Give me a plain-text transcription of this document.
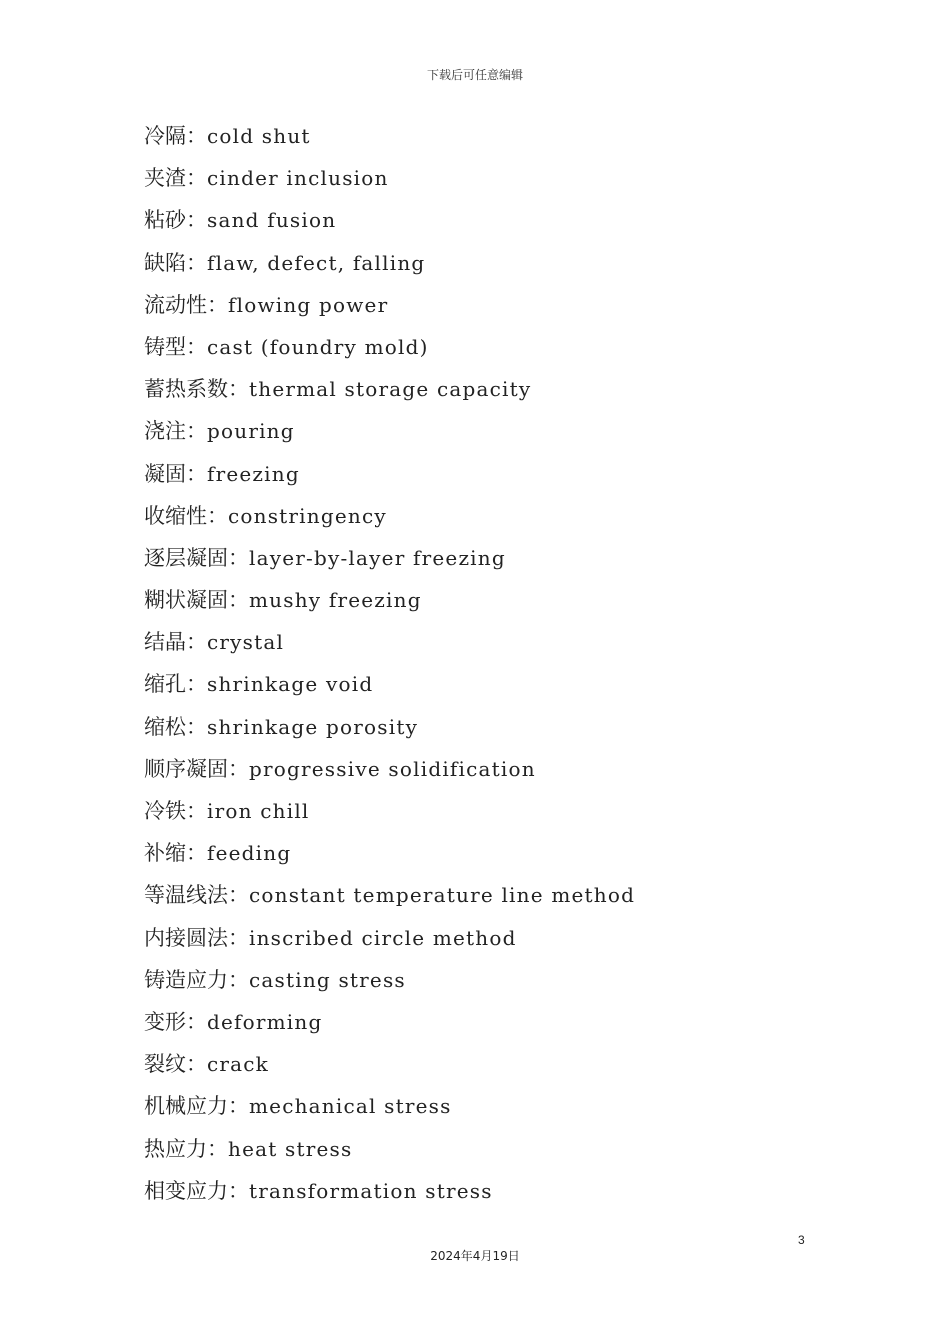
下载后可任意编辑
冷隔：cold shut
夹渣：cinder inclusion
粘砂：sand fusion
缺陷：flaw, defect, falling
流动性：flowing power
铸型：cast (foundry mold)
蓄热系数：thermal storage capacity
浇注：pouring
凝固：freezing
收缩性：constringency
逐层凝固：layer-by-layer freezing
糊状凝固：mushy freezing
结晶：crystal
缩孔：shrinkage void
缩松：shrinkage porosity
顺序凝固：progressive solidification
冷铁：iron chill
补缩：feeding
等温线法：constant temperature line method
内接圆法：inscribed circle method
铸造应力：casting stress
变形：deforming
裂纹：crack
机械应力：mechanical stress
热应力：heat stress
相变应力：transformation stress
3
2024年4月19日
